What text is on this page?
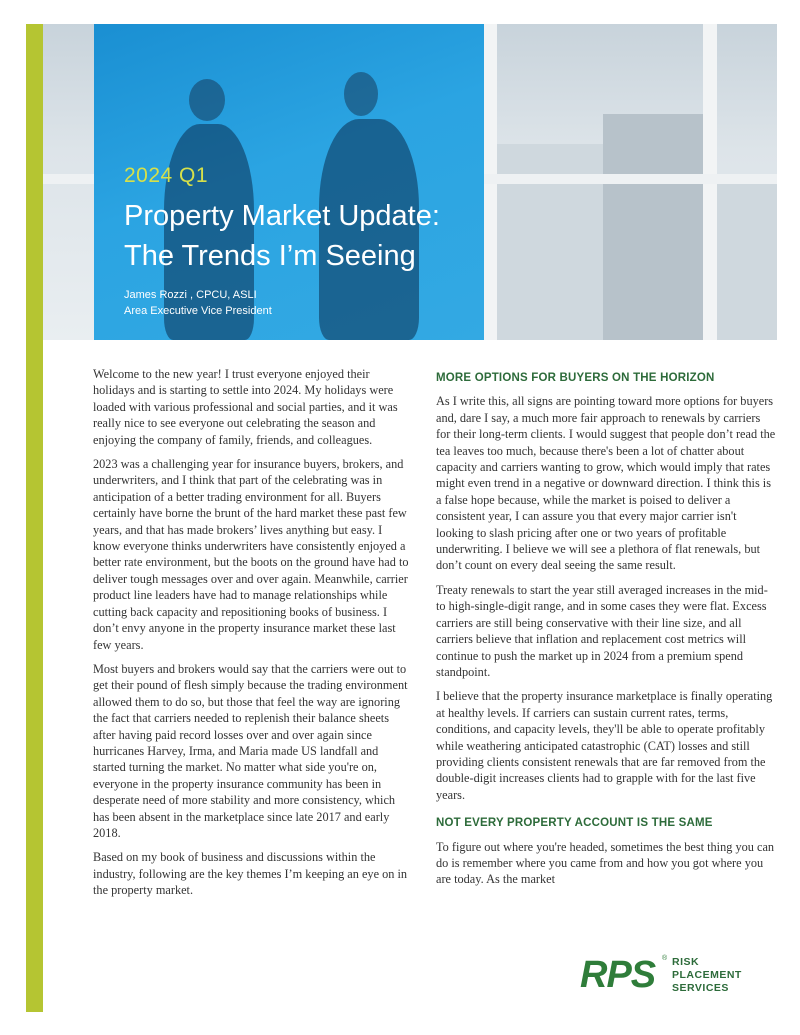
2024 Q1
Property Market Update:
The Trends I’m Seeing
James Rozzi , CPCU, ASLI
Area Executive Vice President

Welcome to the new year! I trust everyone enjoyed their holidays and is starting to settle into 2024. My holidays were loaded with various professional and social parties, and it was really nice to see everyone out celebrating the season and enjoying the company of family, friends, and colleagues.

2023 was a challenging year for insurance buyers, brokers, and underwriters, and I think that part of the celebrating was in anticipation of a better trading environment for all. Buyers certainly have borne the brunt of the hard market these past few years, and that has made brokers’ lives anything but easy. I know everyone thinks underwriters have consistently enjoyed a better rate environment, but the boots on the ground have had to deliver tough messages over and over again. Meanwhile, carrier product line leaders have had to manage relationships while cutting back capacity and repositioning books of business. I don’t envy anyone in the property insurance market these last few years.

Most buyers and brokers would say that the carriers were out to get their pound of flesh simply because the trading environment allowed them to do so, but those that feel the way are ignoring the fact that carriers needed to replenish their balance sheets after having paid record losses over and over again since hurricanes Harvey, Irma, and Maria made US landfall and started turning the market. No matter what side you're on, everyone in the property insurance community has been in desperate need of more stability and more consistency, which has been absent in the marketplace since late 2017 and early 2018.

Based on my book of business and discussions within the industry, following are the key themes I’m keeping an eye on in the property market.

MORE OPTIONS FOR BUYERS ON THE HORIZON

As I write this, all signs are pointing toward more options for buyers and, dare I say, a much more fair approach to renewals by carriers for their long-term clients. I would suggest that people don’t read the tea leaves too much, because there's been a lot of chatter about capacity and carriers wanting to grow, which would imply that rates might even trend in a negative or downward direction. I think this is a false hope because, while the market is poised to deliver a consistent year, I can assure you that every major carrier isn't looking to slash pricing after one or two years of profitable underwriting. I believe we will see a plethora of flat renewals, but don’t count on every deal seeing the same result.

Treaty renewals to start the year still averaged increases in the mid- to high-single-digit range, and in some cases they were flat. Excess carriers are still being conservative with their line size, and all carriers believe that inflation and replacement cost metrics will continue to push the market up in 2024 from a premium spend standpoint.

I believe that the property insurance marketplace is finally operating at healthy levels. If carriers can sustain current rates, terms, conditions, and capacity levels, they'll be able to operate profitably while weathering anticipated catastrophic (CAT) losses and still providing clients consistent renewals that are far removed from the double-digit increases clients had to grapple with for the last five years.

NOT EVERY PROPERTY ACCOUNT IS THE SAME

To figure out where you're headed, sometimes the best thing you can do is remember where you came from and how you got where you are today. As the market

RPS ® RISK
PLACEMENT
SERVICES
